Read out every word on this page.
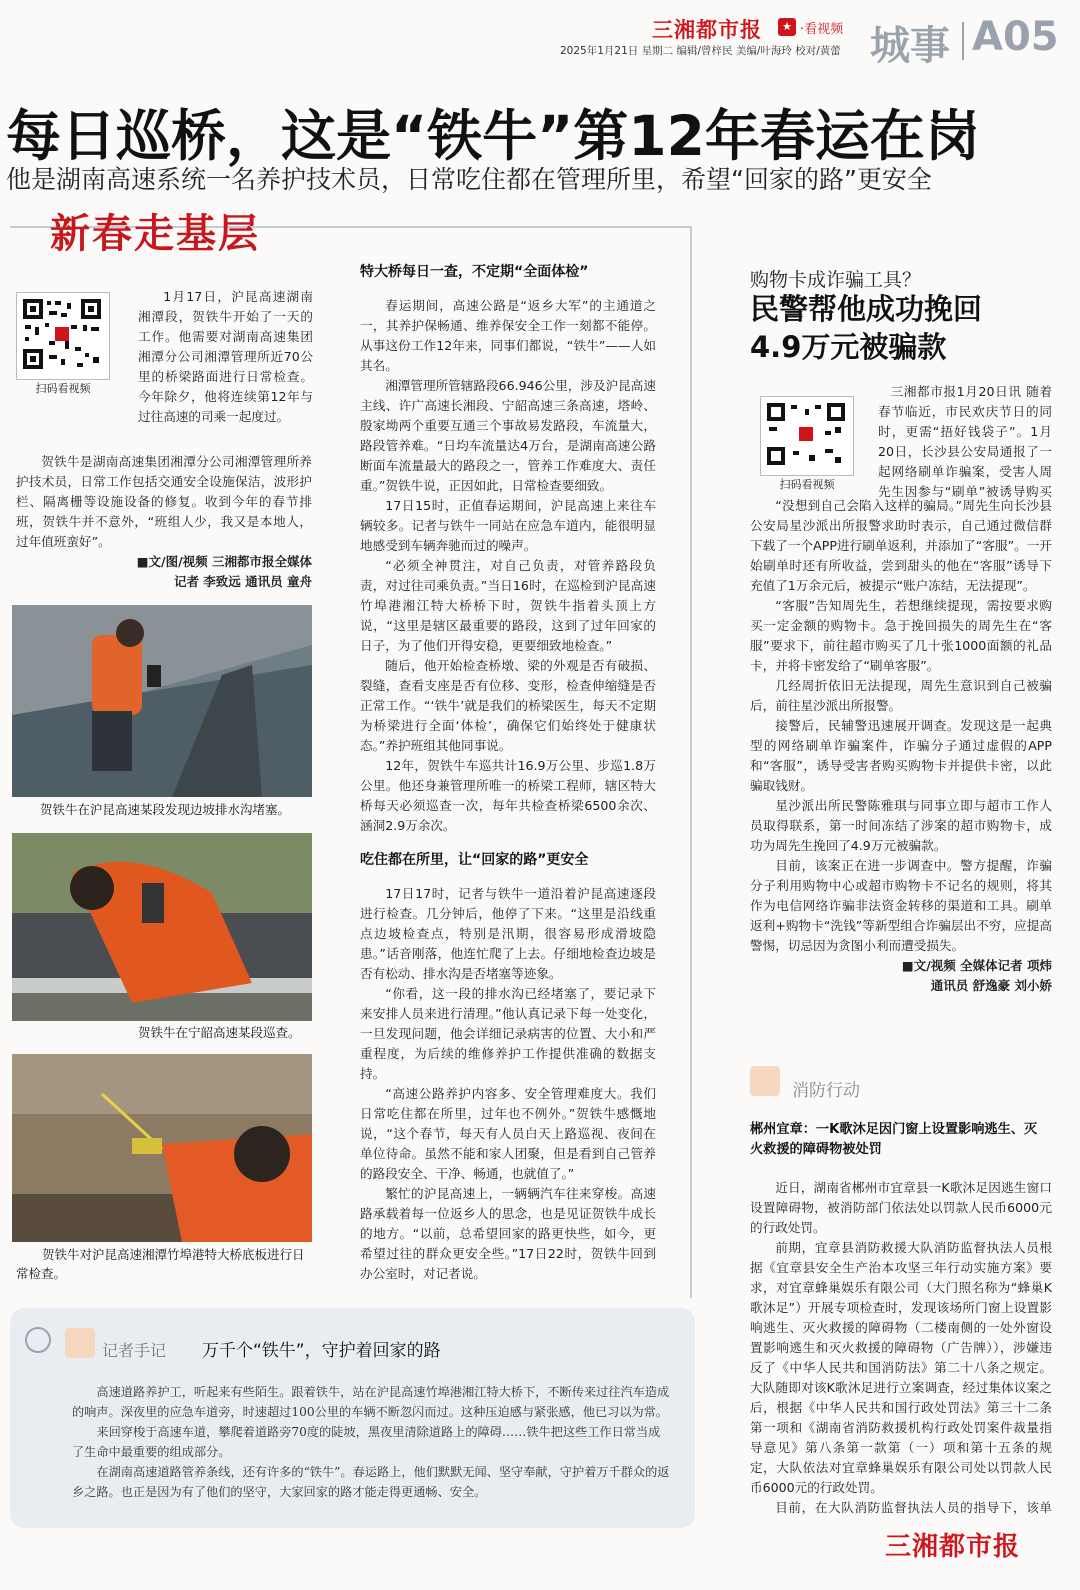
三湘都市报	★ ·看视频
2025年1月21日 星期二 编辑/曾梓民 美编/叶海玲 校对/黄蕾 城事 A05
每日巡桥，这是“铁牛”第12年春运在岗
他是湖南高速系统一名养护技术员，日常吃住都在管理所里，希望“回家的路”更安全
新春走基层
扫码看视频

1月17日，沪昆高速湖南湘潭段，贺铁牛开始了一天的工作。他需要对湖南高速集团湘潭分公司湘潭管理所近70公里的桥梁路面进行日常检查。今年除夕，他将连续第12年与过往高速的司乘一起度过。

贺铁牛是湖南高速集团湘潭分公司湘潭管理所养护技术员，日常工作包括交通安全设施保洁，波形护栏、隔离栅等设施设备的修复。收到今年的春节排班，贺铁牛并不意外，“班组人少，我又是本地人，过年值班蛮好”。

■文/图/视频 三湘都市报全媒体
记者 李致远 通讯员 童舟
贺铁牛在沪昆高速某段发现边坡排水沟堵塞。
贺铁牛在宁韶高速某段巡查。
贺铁牛对沪昆高速湘潭竹埠港特大桥底板进行日常检查。
特大桥每日一查，不定期“全面体检”

春运期间，高速公路是“返乡大军”的主通道之一，其养护保畅通、维养保安全工作一刻都不能停。从事这份工作12年来，同事们都说，“铁牛”——人如其名。

湘潭管理所管辖路段66.946公里，涉及沪昆高速主线、许广高速长湘段、宁韶高速三条高速，塔岭、殷家坳两个重要互通三个事故易发路段，车流量大，路段管养难。“日均车流量达4万台，是湖南高速公路断面车流量最大的路段之一，管养工作难度大、责任重。”贺铁牛说，正因如此，日常检查要细致。

17日15时，正值春运期间，沪昆高速上来往车辆较多。记者与铁牛一同站在应急车道内，能很明显地感受到车辆奔驰而过的噪声。

“必须全神贯注，对自己负责，对管养路段负责，对过往司乘负责。”当日16时，在巡检到沪昆高速竹埠港湘江特大桥桥下时，贺铁牛指着头顶上方说，“这里是辖区最重要的路段，这到了过年回家的日子，为了他们开得安稳，更要细致地检查。”

随后，他开始检查桥墩、梁的外观是否有破损、裂缝，查看支座是否有位移、变形，检查伸缩缝是否正常工作。“‘铁牛’就是我们的桥梁医生，每天不定期为桥梁进行全面‘体检’，确保它们始终处于健康状态。”养护班组其他同事说。

12年，贺铁牛车巡共计16.9万公里、步巡1.8万公里。他还身兼管理所唯一的桥梁工程师，辖区特大桥每天必须巡查一次，每年共检查桥梁6500余次、涵洞2.9万余次。

吃住都在所里，让“回家的路”更安全

17日17时，记者与铁牛一道沿着沪昆高速逐段进行检查。几分钟后，他停了下来。“这里是沿线重点边坡检查点，特别是汛期，很容易形成滑坡隐患。”话音刚落，他连忙爬了上去。仔细地检查边坡是否有松动、排水沟是否堵塞等迹象。

“你看，这一段的排水沟已经堵塞了，要记录下来安排人员来进行清理。”他认真记录下每一处变化，一旦发现问题，他会详细记录病害的位置、大小和严重程度，为后续的维修养护工作提供准确的数据支持。

“高速公路养护内容多、安全管理难度大。我们日常吃住都在所里，过年也不例外。”贺铁牛感慨地说，“这个春节，每天有人员白天上路巡视、夜间在单位待命。虽然不能和家人团聚，但是看到自己管养的路段安全、干净、畅通，也就值了。”

繁忙的沪昆高速上，一辆辆汽车往来穿梭。高速路承载着每一位返乡人的思念，也是见证贺铁牛成长的地方。“以前，总希望回家的路更快些，如今，更希望过往的群众更安全些。”17日22时，贺铁牛回到办公室时，对记者说。

记者手记 万千个“铁牛”，守护着回家的路

高速道路养护工，听起来有些陌生。跟着铁牛，站在沪昆高速竹埠港湘江特大桥下，不断传来过往汽车造成的响声。深夜里的应急车道旁，时速超过100公里的车辆不断忽闪而过。这种压迫感与紧张感，他已习以为常。

来回穿梭于高速车道，攀爬着道路旁70度的陡坡，黑夜里清除道路上的障碍……铁牛把这些工作日常当成了生命中最重要的组成部分。

在湖南高速道路管养条线，还有许多的“铁牛”。春运路上，他们默默无闻、坚守奉献，守护着万千群众的返乡之路。也正是因为有了他们的坚守，大家回家的路才能走得更通畅、安全。

购物卡成诈骗工具？
民警帮他成功挽回
4.9万元被骗款
扫码看视频

三湘都市报1月20日讯 随着春节临近，市民欢庆节日的同时，更需“捂好钱袋子”。1月20日，长沙县公安局通报了一起网络刷单诈骗案，受害人周先生因参与“刷单”被诱导购买

“没想到自己会陷入这样的骗局。”周先生向长沙县公安局星沙派出所报警求助时表示，自己通过微信群下载了一个APP进行刷单返利，并添加了“客服”。一开始刷单时还有所收益，尝到甜头的他在“客服”诱导下充值了1万余元后，被提示“账户冻结，无法提现”。

“客服”告知周先生，若想继续提现，需按要求购买一定金额的购物卡。急于挽回损失的周先生在“客服”要求下，前往超市购买了几十张1000面额的礼品卡，并将卡密发给了“刷单客服”。

几经周折依旧无法提现，周先生意识到自己被骗后，前往星沙派出所报警。

接警后，民辅警迅速展开调查。发现这是一起典型的网络刷单诈骗案件，诈骗分子通过虚假的APP和“客服”，诱导受害者购买购物卡并提供卡密，以此骗取钱财。

星沙派出所民警陈雅琪与同事立即与超市工作人员取得联系，第一时间冻结了涉案的超市购物卡，成功为周先生挽回了4.9万元被骗款。

目前，该案正在进一步调查中。警方提醒，诈骗分子利用购物中心或超市购物卡不记名的规则，将其作为电信网络诈骗非法资金转移的渠道和工具。刷单返利+购物卡“洗钱”等新型组合诈骗层出不穷，应提高警惕，切忌因为贪图小利而遭受损失。

■文/视频 全媒体记者 项炜
通讯员 舒逸豪 刘小娇
消防行动
郴州宜章：一K歌沐足因门窗上设置影响逃生、灭火救援的障碍物被处罚

近日，湖南省郴州市宜章县一K歌沐足因逃生窗口设置障碍物，被消防部门依法处以罚款人民币6000元的行政处罚。

前期，宜章县消防救援大队消防监督执法人员根据《宜章县安全生产治本攻坚三年行动实施方案》要求，对宜章蜂巢娱乐有限公司（大门照名称为“蜂巢K歌沐足”）开展专项检查时，发现该场所门窗上设置影响逃生、灭火救援的障碍物（二楼南侧的一处外窗设置影响逃生和灭火救援的障碍物（广告牌）），涉嫌违反了《中华人民共和国消防法》第二十八条之规定。大队随即对该K歌沐足进行立案调查，经过集体议案之后，根据《中华人民共和国行政处罚法》第三十二条第一项和《湖南省消防救援机构行政处罚案件裁量指导意见》第八条第一款第（一）项和第十五条的规定，大队依法对宜章蜂巢娱乐有限公司处以罚款人民币6000元的行政处罚。

目前，在大队消防监督执法人员的指导下，该单

三湘都市报
